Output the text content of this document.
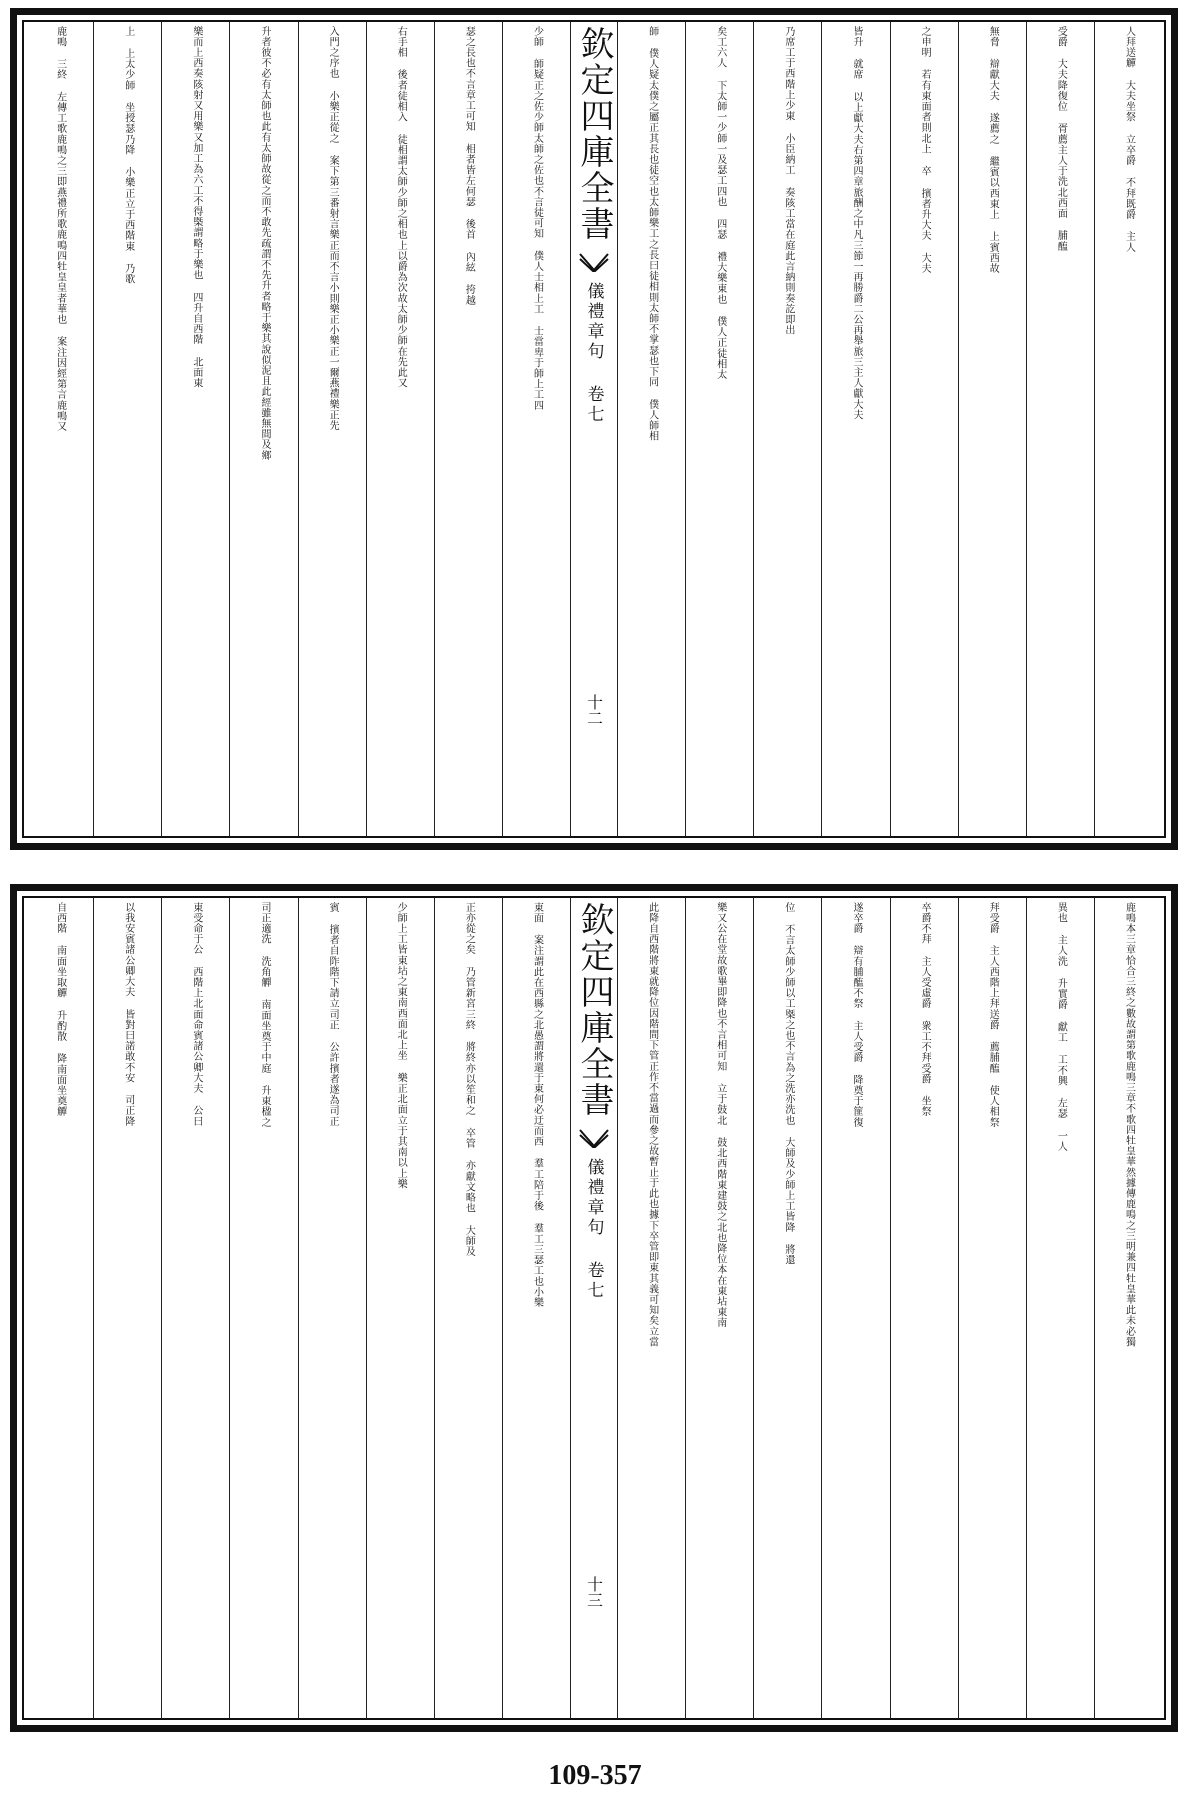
人拜送觶 大夫坐祭 立卒爵 不拜既爵 主人
受爵 大夫降復位 胥薦主人于洗北西面 脯醢
無脅 辯獻大夫 遂薦之 繼賓以西東上 上賓西故
之申明 若有東面者則北上 卒 擯者升大夫 大夫
皆升 就席 以上獻大夫右第四章旅酬之中凡三節一再勝爵二公再舉旅三主人獻大夫
乃席工于西階上少東 小臣納工 奏陔工當在庭此言納則奏訖即出
矣工六人 下太師一少師一及瑟工四也 四瑟 禮大樂東也 僕人正徒相太
師 僕人疑太僕之屬正其長也徒空也太師樂工之長曰徒相則太師不掌瑟也下同 僕人師相
欽定四庫全書
儀禮章句 卷七
十二
少師 師疑正之佐少師太師之佐也不言徒可知 僕人士相上工 士當卑于師上工四
瑟之長也不言章工可知 相者皆左何瑟 後首 內絃 挎越
右手相 後者徒相入 徒相謂太師少師之相也上以爵為次故太師少師在先此又
入門之序也 小樂正從之 案下第三番射言樂正而不言小則樂正小樂正一爾燕禮樂正先
升者彼不必有太師也此有太師故從之而不敢先疏謂不先升者略于樂其說似泥且此經雖無間及鄉
樂而上西奏陔射又用樂又加工為六工不得槩謂略于樂也 四升自西階 北面東
上 上太少師 坐授瑟乃降 小樂正立于西階東 乃歌
鹿鳴 三終 左傳工歌鹿鳴之三即燕禮所歌鹿鳴四牡皇皇者華也 案注因經第言鹿鳴又
鹿鳴本三章恰合三終之數故謂第歌鹿鳴三章不歌四牡皇華然據傳鹿鳴之三明兼四牡皇華此未必獨
異也 主人洗 升實爵 獻工 工不興 左瑟 一人
拜受爵 主人西階上拜送爵 薦脯醢 使人相祭
卒爵不拜 主人受虛爵 衆工不拜受爵 坐祭
遂卒爵 辯有脯醢不祭 主人受爵 降奠于篚復
位 不言太師少師以工槩之也不言為之洗亦洗也 大師及少師上工皆降 將還
樂又公在堂故歌畢即降也不言相可知 立于鼓北 鼓北西階東建鼓之北也降位本在東坫東南
此降自西階將東就降位因階間下管正作不當過而參之故暫止于此也據下卒管即東其義可知矣立當
欽定四庫全書
儀禮章句 卷七
十三
東面 案注謂此在西縣之北愚謂將還于東何必迂而西 羣工陪于後 羣工三瑟工也小樂
正亦從之矣 乃管新宮三終 將終亦以笙和之 卒管 亦獻文略也 大師及
少師上工皆東坫之東南西面北上坐 樂正北面立于其南以上樂
賓 擯者自阼階下請立司正 公許擯者遂為司正
司正適洗 洗角觶 南面坐奠于中庭 升東楹之
東受命于公 西階上北面命賓諸公卿大夫 公曰
以我安賓諸公卿大夫 皆對曰諾敢不安 司正降
自西階 南面坐取觶 升酌散 降南面坐奠觶
109-357
